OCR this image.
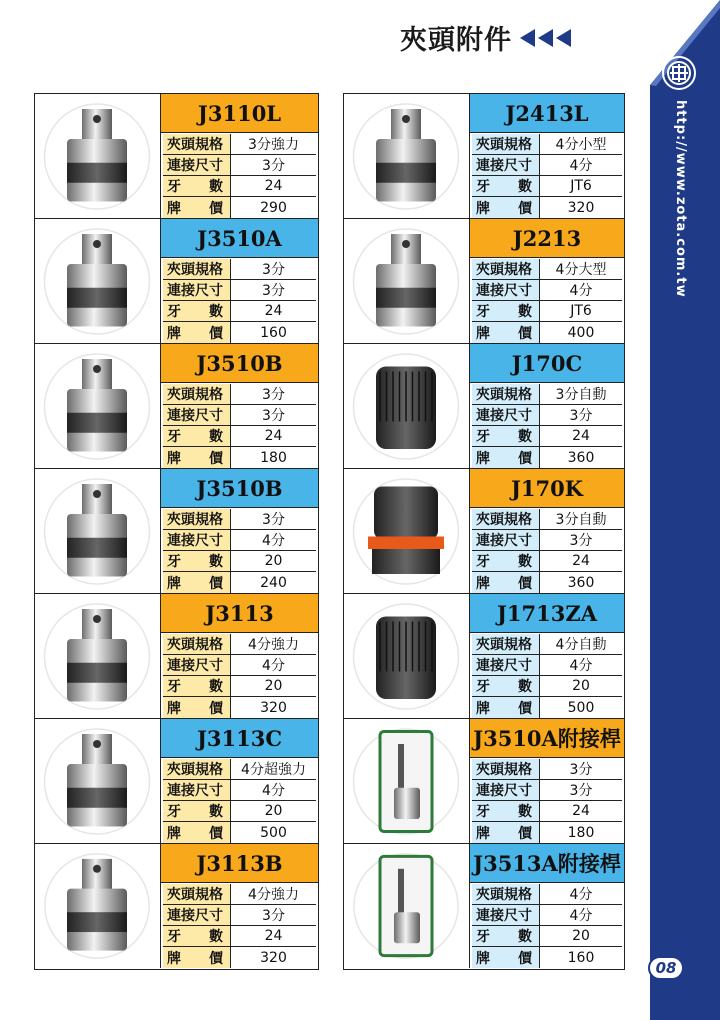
http://www.zota.com.tw
08
夾頭附件
J3110L
夾頭規格	3分強力
連接尺寸	3分
牙　　數	24
牌　　價	290
J3510A
夾頭規格	3分
連接尺寸	3分
牙　　數	24
牌　　價	160
J3510B
夾頭規格	3分
連接尺寸	3分
牙　　數	24
牌　　價	180
J3510B
夾頭規格	3分
連接尺寸	4分
牙　　數	20
牌　　價	240
J3113
夾頭規格	4分強力
連接尺寸	4分
牙　　數	20
牌　　價	320
J3113C
夾頭規格	4分超強力
連接尺寸	4分
牙　　數	20
牌　　價	500
J3113B
夾頭規格	4分強力
連接尺寸	3分
牙　　數	24
牌　　價	320
J2413L
夾頭規格	4分小型
連接尺寸	4分
牙　　數	JT6
牌　　價	320
J2213
夾頭規格	4分大型
連接尺寸	4分
牙　　數	JT6
牌　　價	400
J170C
夾頭規格	3分自動
連接尺寸	3分
牙　　數	24
牌　　價	360
J170K
夾頭規格	3分自動
連接尺寸	3分
牙　　數	24
牌　　價	360
J1713ZA
夾頭規格	4分自動
連接尺寸	4分
牙　　數	20
牌　　價	500
J3510A附接桿
夾頭規格	3分
連接尺寸	3分
牙　　數	24
牌　　價	180
J3513A附接桿
夾頭規格	4分
連接尺寸	4分
牙　　數	20
牌　　價	160
